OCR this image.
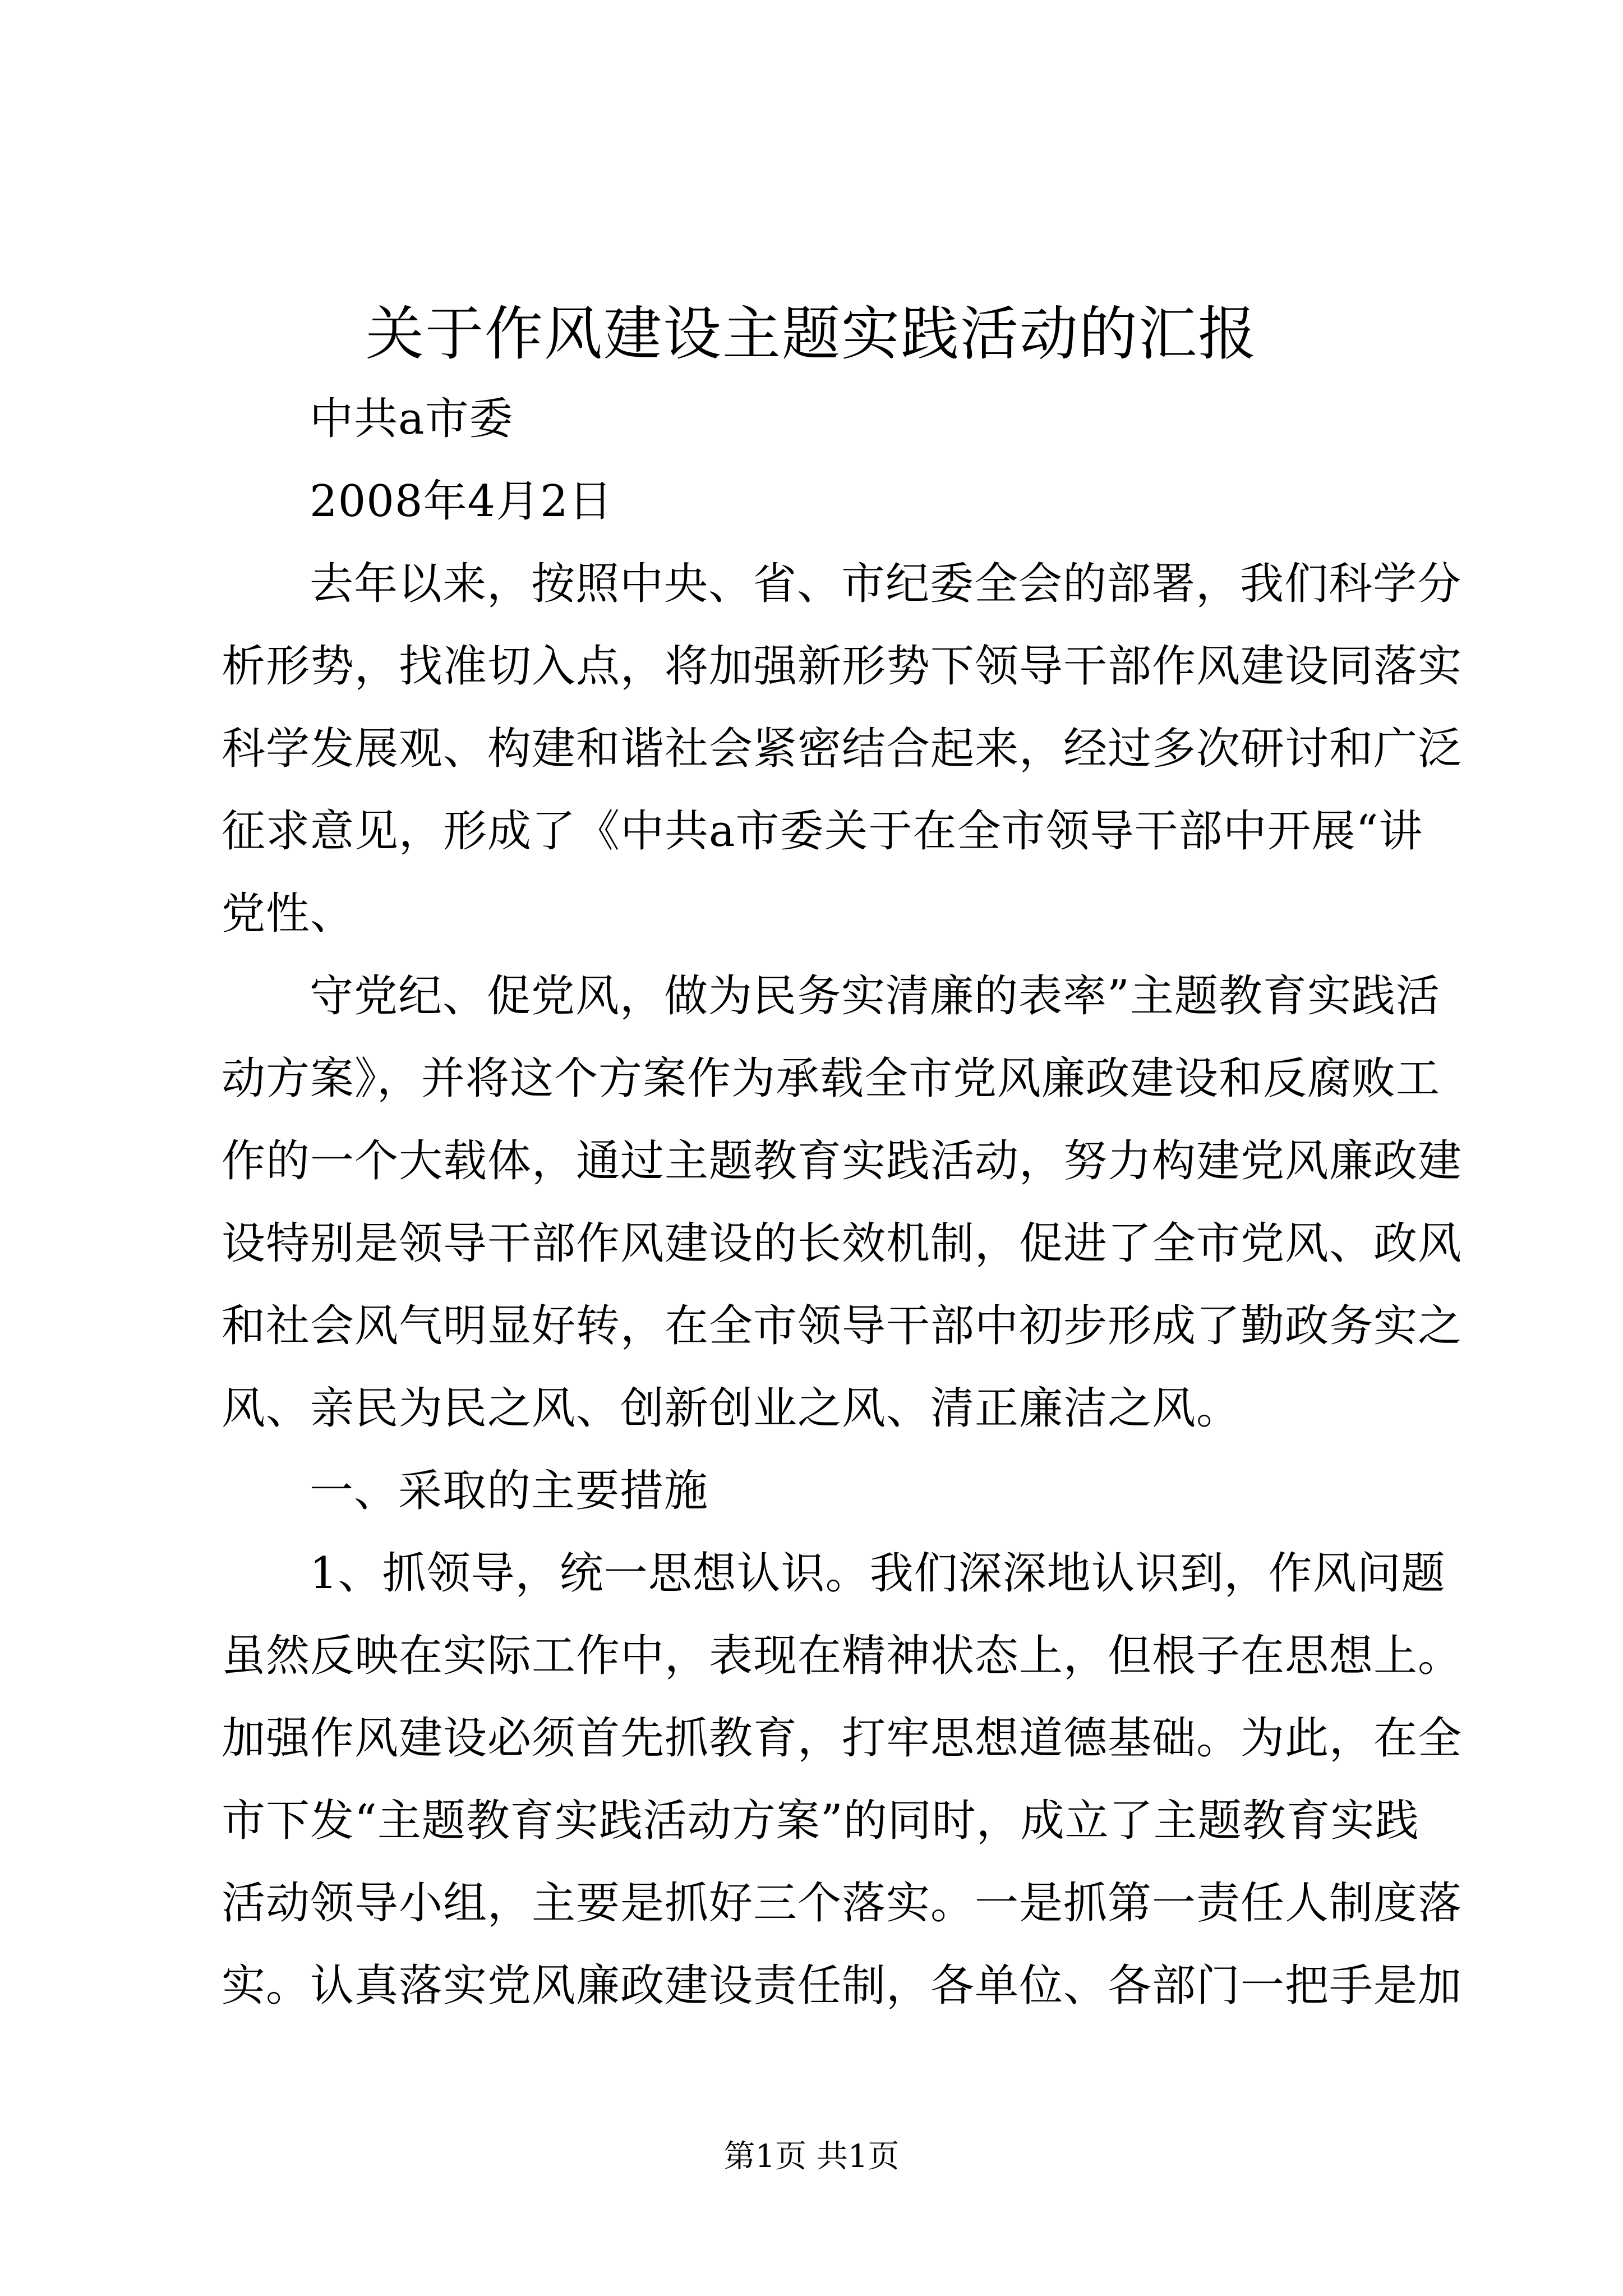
关于作风建设主题实践活动的汇报
中共a市委
2008年4月2日
去年以来，按照中央、省、市纪委全会的部署，我们科学分
析形势，找准切入点，将加强新形势下领导干部作风建设同落实
科学发展观、构建和谐社会紧密结合起来，经过多次研讨和广泛
征求意见，形成了《中共a市委关于在全市领导干部中开展“讲
党性、
守党纪、促党风，做为民务实清廉的表率”主题教育实践活
动方案》，并将这个方案作为承载全市党风廉政建设和反腐败工
作的一个大载体，通过主题教育实践活动，努力构建党风廉政建
设特别是领导干部作风建设的长效机制，促进了全市党风、政风
和社会风气明显好转，在全市领导干部中初步形成了勤政务实之
风、亲民为民之风、创新创业之风、清正廉洁之风。
一、采取的主要措施
1、抓领导，统一思想认识。我们深深地认识到，作风问题
虽然反映在实际工作中，表现在精神状态上，但根子在思想上。
加强作风建设必须首先抓教育，打牢思想道德基础。为此，在全
市下发“主题教育实践活动方案”的同时，成立了主题教育实践
活动领导小组，主要是抓好三个落实。一是抓第一责任人制度落
实。认真落实党风廉政建设责任制，各单位、各部门一把手是加
第1页 共1页
